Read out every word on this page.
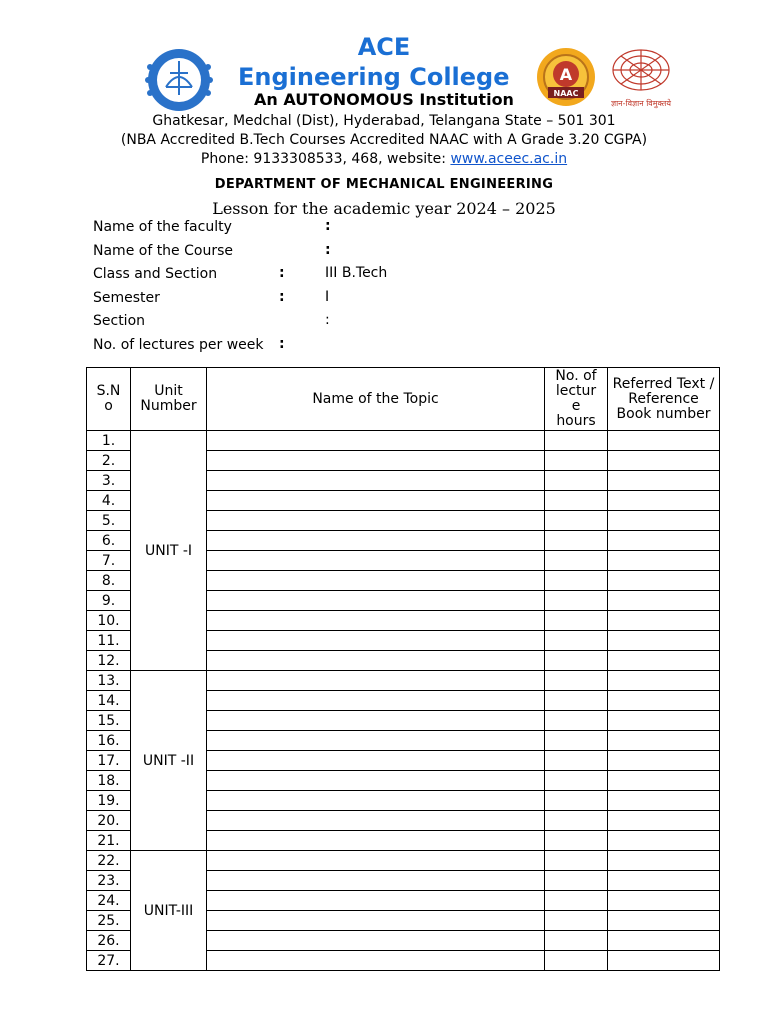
A
NAAC
ज्ञान-विज्ञान विमुक्तये
ACE
Engineering College
An AUTONOMOUS Institution
Ghatkesar, Medchal (Dist), Hyderabad, Telangana State – 501 301
(NBA Accredited B.Tech Courses Accredited NAAC with A Grade 3.20 CGPA)
Phone: 9133308533, 468, website: www.aceec.ac.in
DEPARTMENT OF MECHANICAL ENGINEERING
Lesson for the academic year 2024 – 2025
Name of the faculty	:
Name of the Course	:
Class and Section	:	III B.Tech
Semester	:	I
Section	:
No. of lectures per week :
S.N o	Unit Number	Name of the Topic	No. of lectur e hours	Referred Text / Reference Book number
1.	UNIT -I			
2.				
3.				
4.				
5.				
6.				
7.				
8.				
9.				
10.				
11.				
12.				
13.	UNIT -II			
14.				
15.				
16.				
17.				
18.				
19.				
20.				
21.				
22.	UNIT-III			
23.				
24.				
25.				
26.				
27.				
